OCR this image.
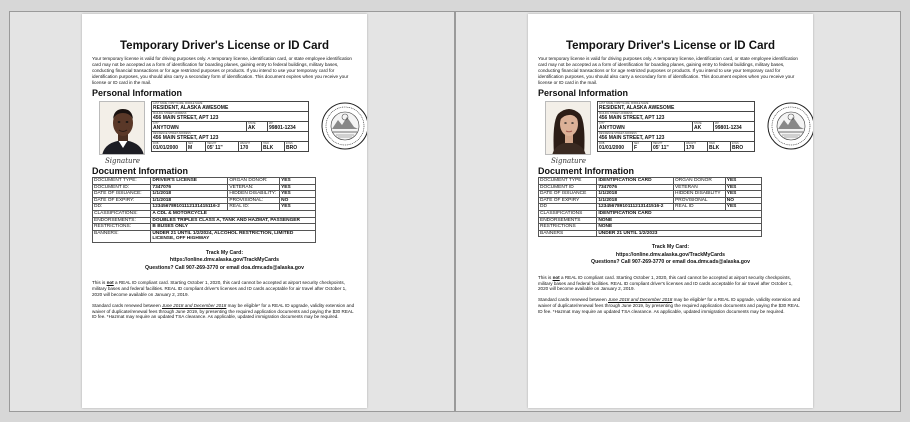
Temporary Driver's License or ID Card
Your temporary license is valid for driving purposes only. A temporary license, identification card, or state employee identification card may not be accepted as a form of identification for boarding planes, gaining entry to federal buildings, military bases, conducting financial transactions or for age restricted purposes or products. If you intend to use your temporary card for identification purposes, you should also carry a secondary form of identification. This document expires when you receive your license or ID card in the mail.
Personal Information
Signature
LAST NAME, FIRST NAME, MIDDLE NAME
RESIDENT, ALASKA AWESOME
MAILING STREET ADDRESS
456 MAIN STREET, APT 123
CITY
ANYTOWN
STATE
AK
ZIP
99801-1234
RESIDENCE STREET ADDRESS
456 MAIN STREET, APT 123
DOB
01/01/2000
SEX
M
HEIGHT
05' 11"
WEIGHT
170
HAIR
BLK
EYES
BRO
Document Information
DOCUMENT TYPE:	DRIVER'S LICENSE	ORGAN DONOR:	YES
DOCUMENT ID:	7347076	VETERAN:	YES
DATE OF ISSUANCE:	1/1/2018	HIDDEN DISABILITY:	YES
DATE OF EXPIRY:	1/1/2018	PROVISIONAL:	NO
DD:	123456789101112131415116-2	REAL ID:	YES
CLASSIFICATIONS:	A CDL & MOTORCYCLE		
ENDORSEMENTS:	DOUBLES TRIPLES CLASS A, TANK AND HAZMAT, PASSENGER		
RESTRICTIONS:	B BUSES ONLY		
BANNERS:	UNDER 21 UNTIL 1/2/2024, ALCOHOL RESTRICTION, LIMITED LICENSE, OFF HIGHWAY		
Track My Card:
https://online.dmv.alaska.gov/TrackMyCards
Questions? Call 907-269-3770 or email doa.dmv.ads@alaska.gov

This is not a REAL ID compliant card. Starting October 1, 2020, this card cannot be accepted at airport security checkpoints, military bases and federal facilities. REAL ID compliant driver's licenses and ID cards acceptable for air travel after October 1, 2020 will become available on January 2, 2019.

Standard cards renewed between June 2018 and December 2018 may be eligible* for a REAL ID upgrade, validity extension and waiver of duplicate/renewal fees through June 2019, by presenting the required application documents and paying the $30 REAL ID fee. *Hazmat may require an updated TSA clearance. As applicable, updated immigration documents may be required.

Temporary Driver's License or ID Card
Your temporary license is valid for driving purposes only. A temporary license, identification card, or state employee identification card may not be accepted as a form of identification for boarding planes, gaining entry to federal buildings, military bases, conducting financial transactions or for age restricted purposes or products. If you intend to use your temporary card for identification purposes, you should also carry a secondary form of identification. This document expires when you receive your license or ID card in the mail.
Personal Information
Signature
LAST NAME, FIRST NAME, MIDDLE NAME
RESIDENT, ALASKA AWESOME
MAILING STREET ADDRESS
456 MAIN STREET, APT 123
CITY
ANYTOWN
STATE
AK
ZIP
99801-1234
RESIDENCE STREET ADDRESS
456 MAIN STREET, APT 123
DOB
01/01/2000
SEX
F
HEIGHT
05' 11"
WEIGHT
170
HAIR
BLK
EYES
BRO
Document Information
DOCUMENT TYPE	IDENTIFICATION CARD	ORGAN DONOR	YES
DOCUMENT ID	7347076	VETERAN	YES
DATE OF ISSUANCE	1/1/2018	HIDDEN DISABILITY	YES
DATE OF EXPIRY	1/1/2018	PROVISIONAL	NO
DD	12345678910111213141516-2	REAL ID	YES
CLASSIFICATIONS	IDENTIFICATION CARD		
ENDORSEMENTS	NONE		
RESTRICTIONS	NONE		
BANNERS	UNDER 21 UNTIL 1/2/2023		
Track My Card:
https://online.dmv.alaska.gov/TrackMyCards
Questions? Call 907-269-3770 or email doa.dmv.ads@alaska.gov

This is not a REAL ID compliant card. Starting October 1, 2020, this card cannot be accepted at airport security checkpoints, military bases and federal facilities. REAL ID compliant driver's licenses and ID cards acceptable for air travel after October 1, 2020 will become available on January 2, 2019.

Standard cards renewed between June 2018 and December 2018 may be eligible* for a REAL ID upgrade, validity extension and waiver of duplicate/renewal fees through June 2019, by presenting the required application documents and paying the $30 REAL ID fee. *Hazmat may require an updated TSA clearance. As applicable, updated immigration documents may be required.
